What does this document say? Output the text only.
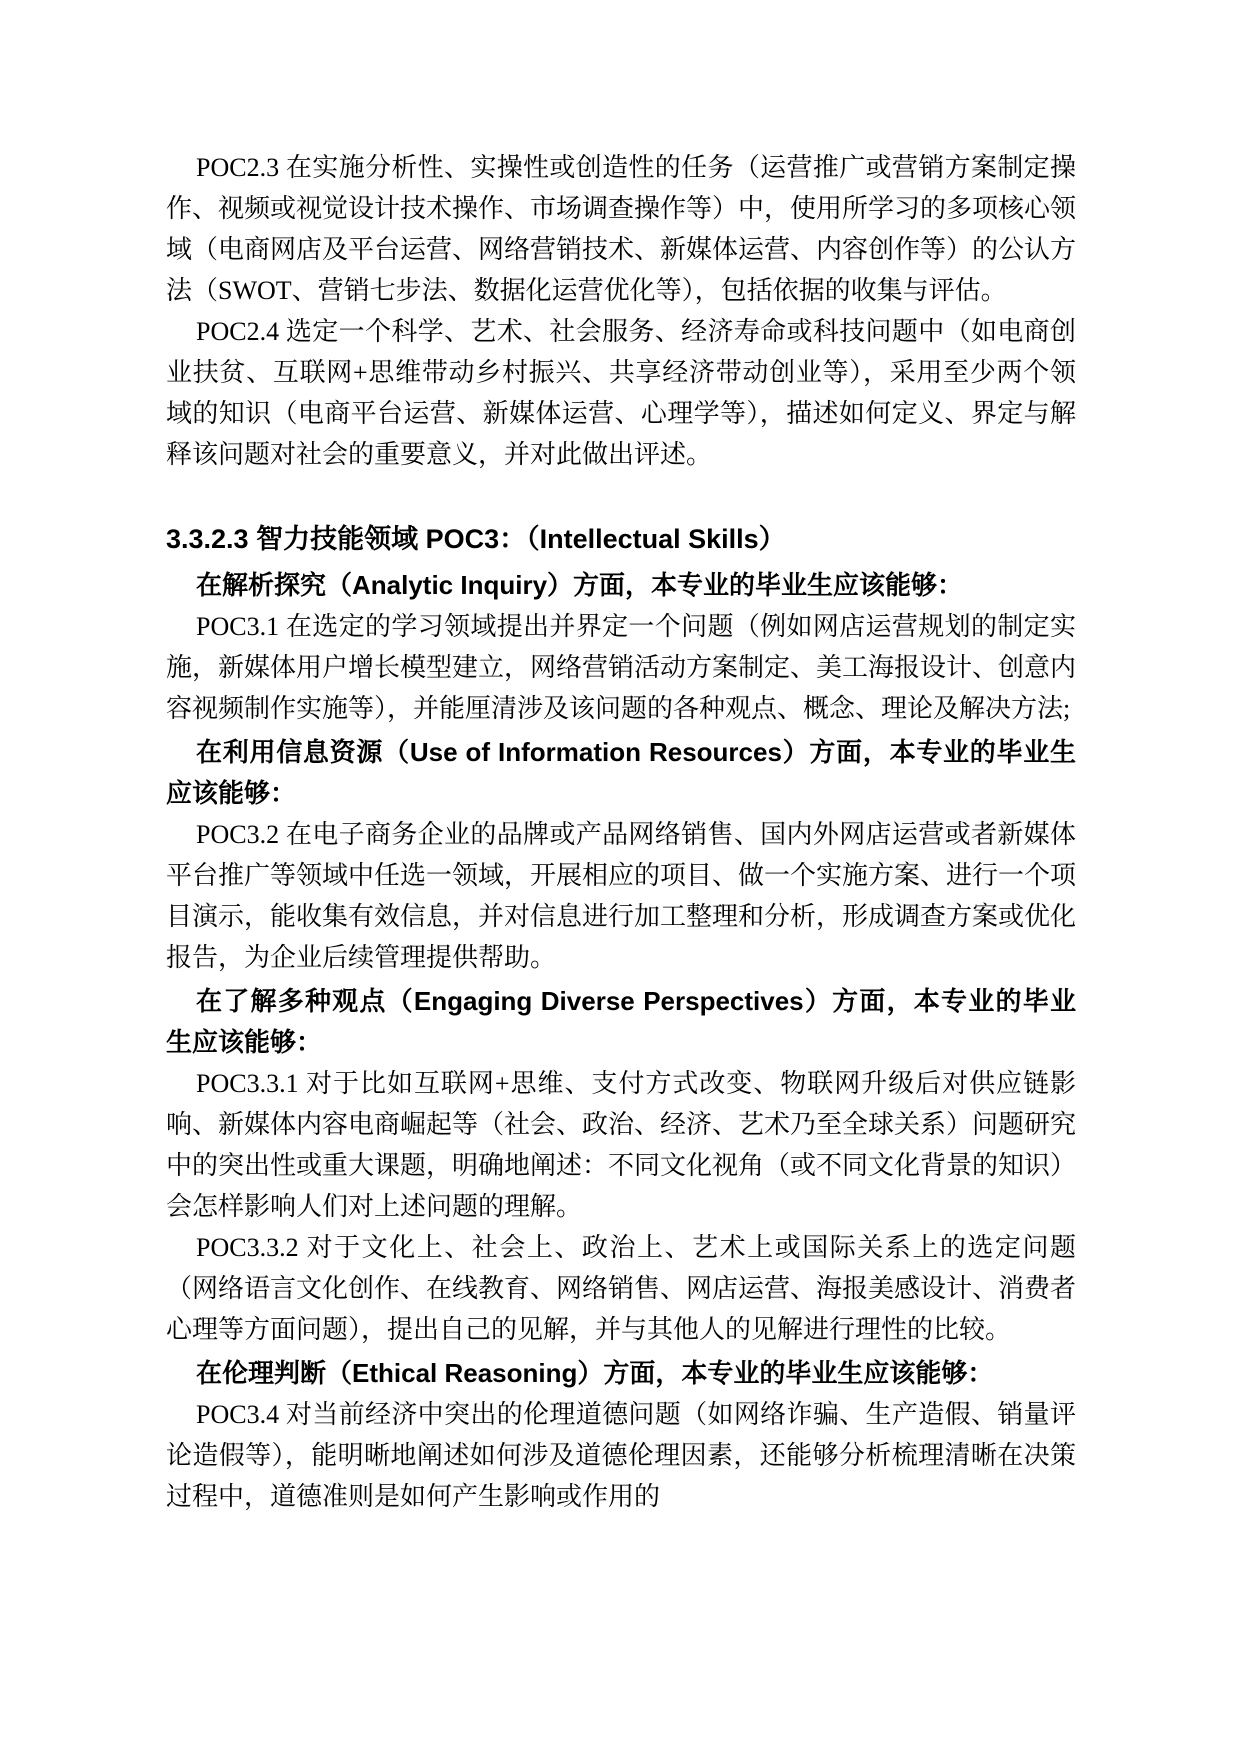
POC2.3 在实施分析性、实操性或创造性的任务（运营推广或营销方案制定操作、视频或视觉设计技术操作、市场调查操作等）中，使用所学习的多项核心领域（电商网店及平台运营、网络营销技术、新媒体运营、内容创作等）的公认方法（SWOT、营销七步法、数据化运营优化等），包括依据的收集与评估。

POC2.4 选定一个科学、艺术、社会服务、经济寿命或科技问题中（如电商创业扶贫、互联网+思维带动乡村振兴、共享经济带动创业等），采用至少两个领域的知识（电商平台运营、新媒体运营、心理学等），描述如何定义、界定与解释该问题对社会的重要意义，并对此做出评述。

3.3.2.3 智力技能领域 POC3：（Intellectual Skills）

在解析探究（Analytic Inquiry）方面，本专业的毕业生应该能够：

POC3.1 在选定的学习领域提出并界定一个问题（例如网店运营规划的制定实施，新媒体用户增长模型建立，网络营销活动方案制定、美工海报设计、创意内容视频制作实施等），并能厘清涉及该问题的各种观点、概念、理论及解决方法;

在利用信息资源（Use of Information Resources）方面，本专业的毕业生应该能够：

POC3.2 在电子商务企业的品牌或产品网络销售、国内外网店运营或者新媒体平台推广等领域中任选一领域，开展相应的项目、做一个实施方案、进行一个项目演示，能收集有效信息，并对信息进行加工整理和分析，形成调查方案或优化报告，为企业后续管理提供帮助。

在了解多种观点（Engaging Diverse Perspectives）方面，本专业的毕业生应该能够：

POC3.3.1 对于比如互联网+思维、支付方式改变、物联网升级后对供应链影响、新媒体内容电商崛起等（社会、政治、经济、艺术乃至全球关系）问题研究中的突出性或重大课题，明确地阐述：不同文化视角（或不同文化背景的知识）会怎样影响人们对上述问题的理解。

POC3.3.2 对于文化上、社会上、政治上、艺术上或国际关系上的选定问题（网络语言文化创作、在线教育、网络销售、网店运营、海报美感设计、消费者心理等方面问题），提出自己的见解，并与其他人的见解进行理性的比较。

在伦理判断（Ethical Reasoning）方面，本专业的毕业生应该能够：

POC3.4 对当前经济中突出的伦理道德问题（如网络诈骗、生产造假、销量评论造假等），能明晰地阐述如何涉及道德伦理因素，还能够分析梳理清晰在决策过程中，道德准则是如何产生影响或作用的
